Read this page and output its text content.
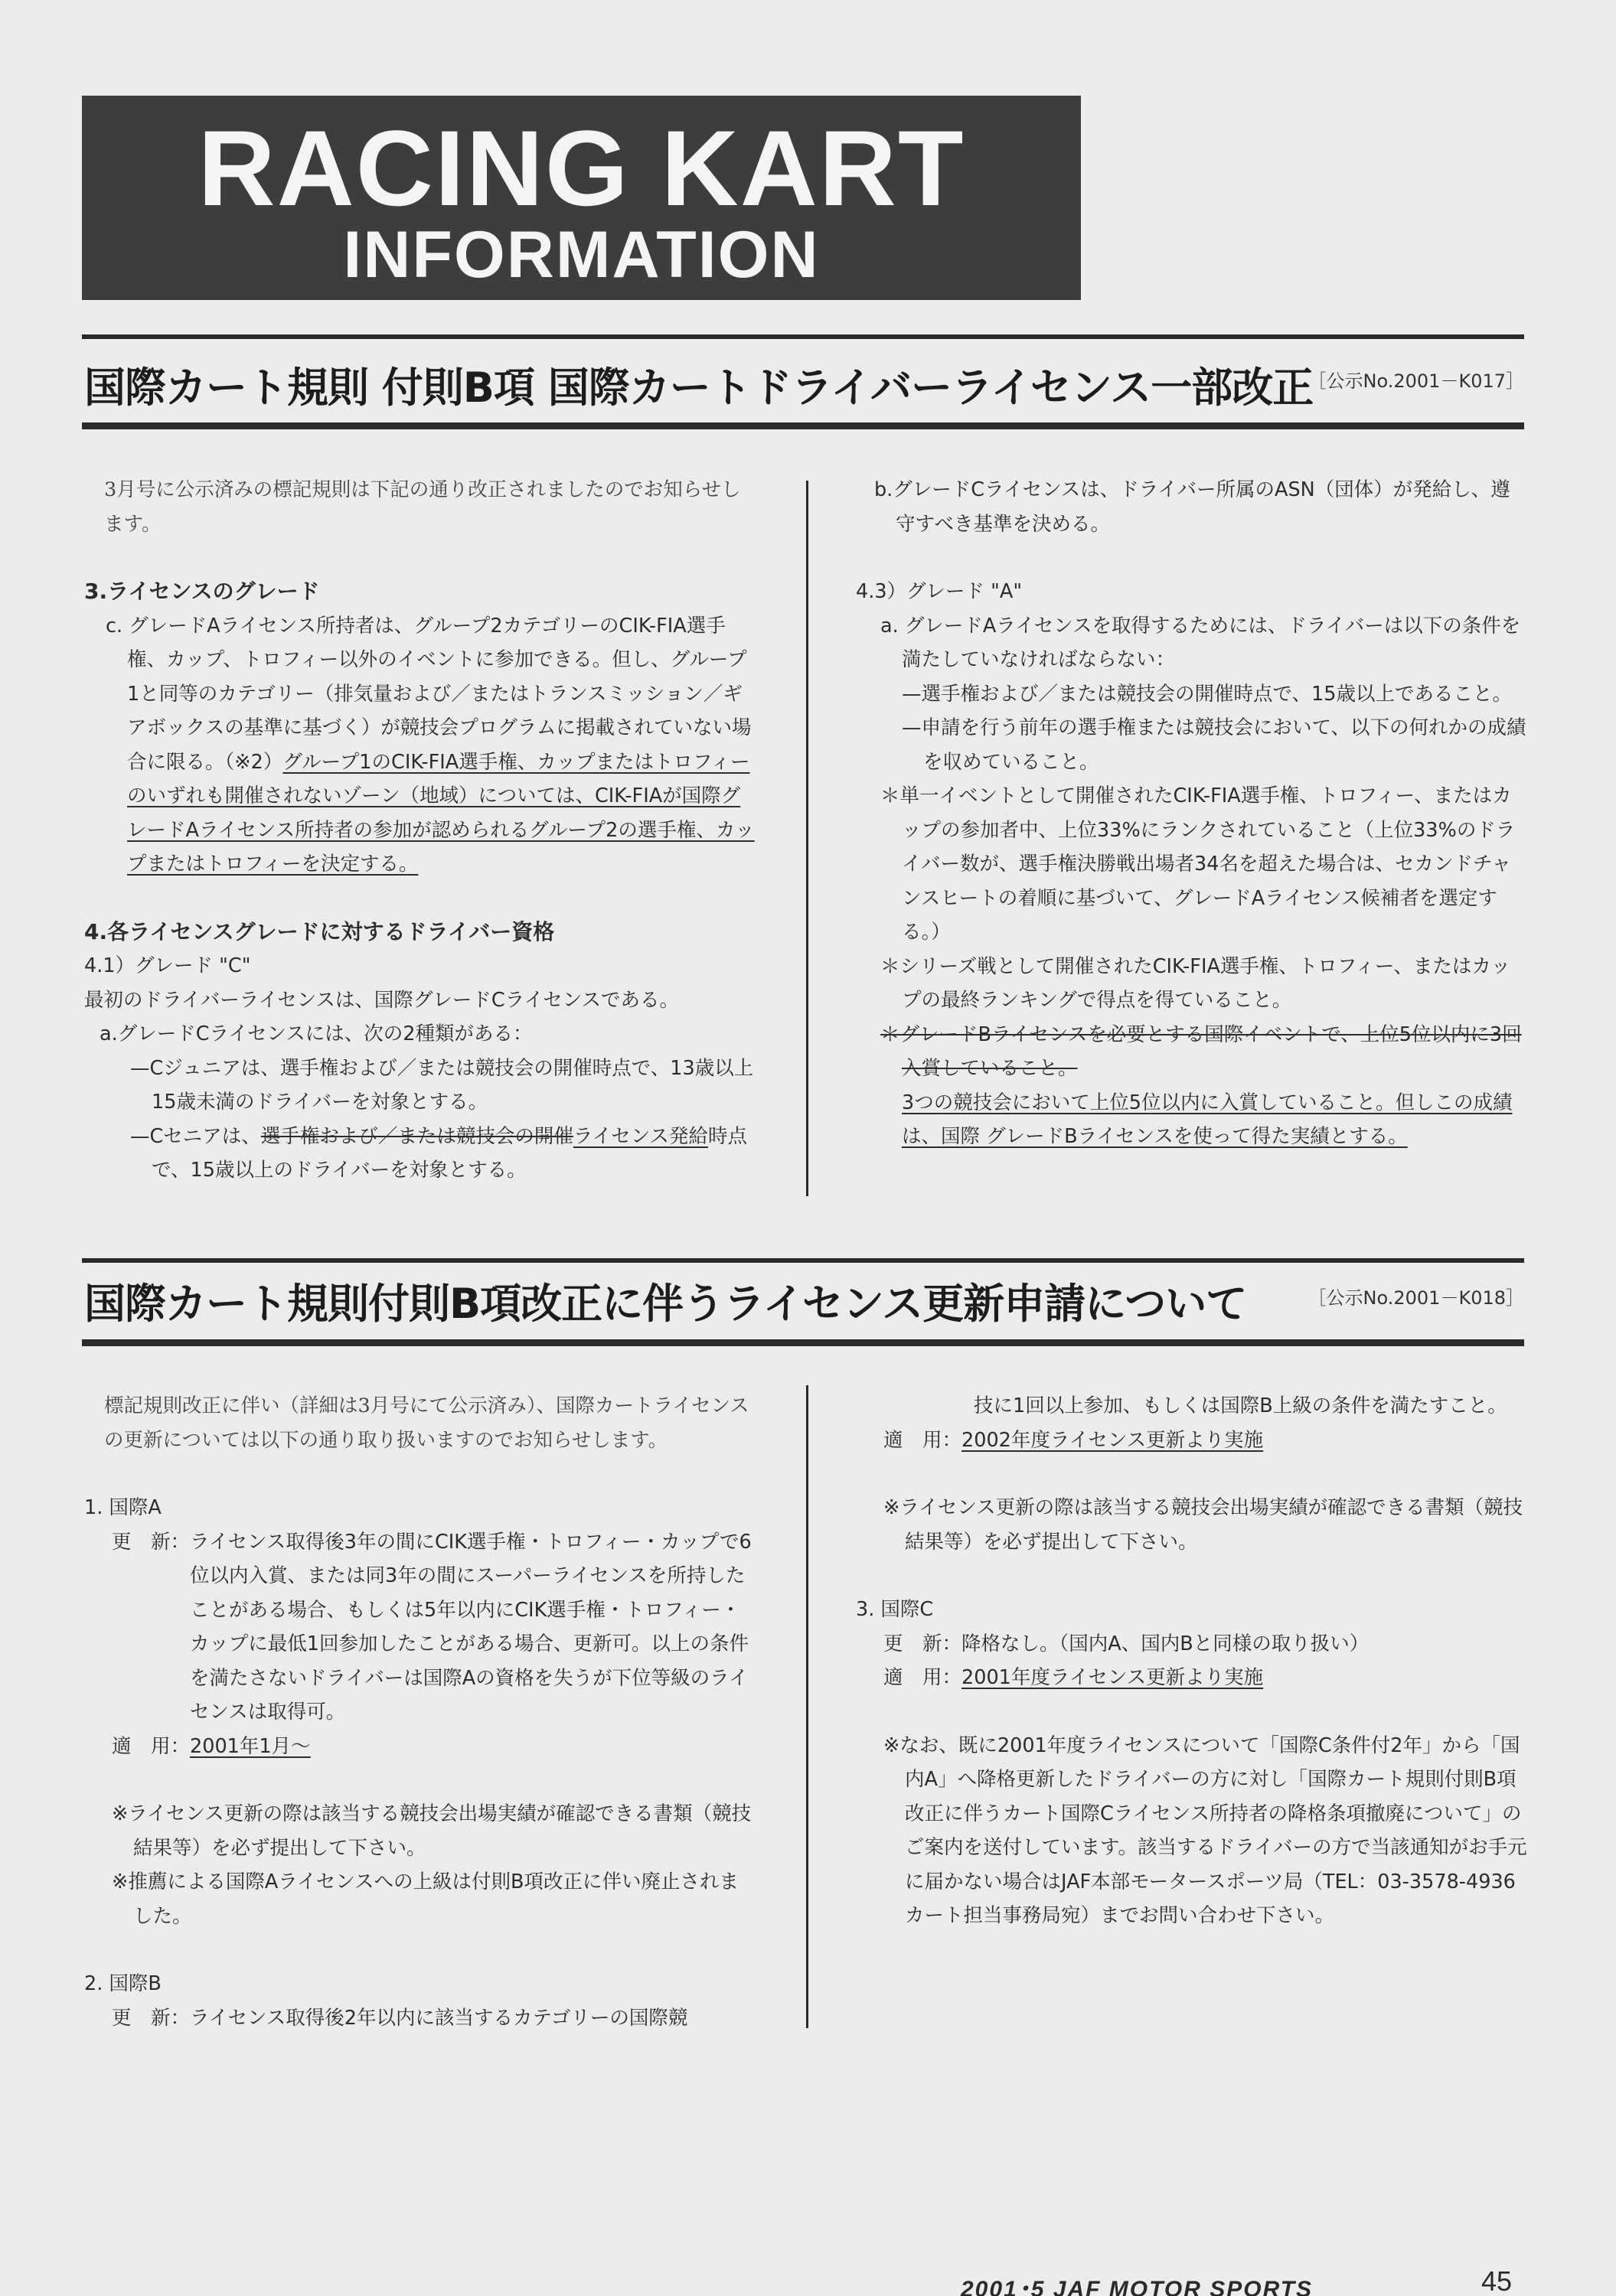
RACING KART
INFORMATION
国際カート規則 付則B項 国際カートドライバーライセンス一部改正
［公示No.2001－K017］

3月号に公示済みの標記規則は下記の通り改正されましたのでお知らせします。

3.ライセンスのグレード

c. グレードAライセンス所持者は、グループ2カテゴリーのCIK-FIA選手権、カップ、トロフィー以外のイベントに参加できる。但し、グループ1と同等のカテゴリー（排気量および／またはトランスミッション／ギアボックスの基準に基づく）が競技会プログラムに掲載されていない場合に限る。（※2）グループ1のCIK-FIA選手権、カップまたはトロフィーのいずれも開催されないゾーン（地域）については、CIK-FIAが国際グレードAライセンス所持者の参加が認められるグループ2の選手権、カップまたはトロフィーを決定する。

4.各ライセンスグレードに対するドライバー資格

4.1）グレード "C"

最初のドライバーライセンスは、国際グレードCライセンスである。

a.グレードCライセンスには、次の2種類がある：

—Cジュニアは、選手権および／または競技会の開催時点で、13歳以上15歳未満のドライバーを対象とする。

—Cセニアは、選手権および／または競技会の開催ライセンス発給時点で、15歳以上のドライバーを対象とする。

b.グレードCライセンスは、ドライバー所属のASN（団体）が発給し、遵守すべき基準を決める。

4.3）グレード "A"

a. グレードAライセンスを取得するためには、ドライバーは以下の条件を満たしていなければならない：

—選手権および／または競技会の開催時点で、15歳以上であること。

—申請を行う前年の選手権または競技会において、以下の何れかの成績を収めていること。

＊単一イベントとして開催されたCIK-FIA選手権、トロフィー、またはカップの参加者中、上位33%にランクされていること（上位33%のドライバー数が、選手権決勝戦出場者34名を超えた場合は、セカンドチャンスヒートの着順に基づいて、グレードAライセンス候補者を選定する。）

＊シリーズ戦として開催されたCIK-FIA選手権、トロフィー、またはカップの最終ランキングで得点を得ていること。

＊グレードBライセンスを必要とする国際イベントで、上位5位以内に3回入賞していること。

3つの競技会において上位5位以内に入賞していること。但しこの成績は、国際 グレードBライセンスを使って得た実績とする。

国際カート規則付則B項改正に伴うライセンス更新申請について	［公示No.2001－K018］

標記規則改正に伴い（詳細は3月号にて公示済み）、国際カートライセンスの更新については以下の通り取り扱いますのでお知らせします。

1. 国際A

更　新： ライセンス取得後3年の間にCIK選手権・トロフィー・カップで6位以内入賞、または同3年の間にスーパーライセンスを所持したことがある場合、もしくは5年以内にCIK選手権・トロフィー・カップに最低1回参加したことがある場合、更新可。以上の条件を満たさないドライバーは国際Aの資格を失うが下位等級のライセンスは取得可。
適　用： 2001年1月〜

※ライセンス更新の際は該当する競技会出場実績が確認できる書類（競技結果等）を必ず提出して下さい。

※推薦による国際Aライセンスへの上級は付則B項改正に伴い廃止されました。

2. 国際B

更　新： ライセンス取得後2年以内に該当するカテゴリーの国際競

技に1回以上参加、もしくは国際B上級の条件を満たすこと。

適　用： 2002年度ライセンス更新より実施

※ライセンス更新の際は該当する競技会出場実績が確認できる書類（競技結果等）を必ず提出して下さい。

3. 国際C

更　新： 降格なし。（国内A、国内Bと同様の取り扱い）
適　用： 2001年度ライセンス更新より実施

※なお、既に2001年度ライセンスについて「国際C条件付2年」から「国内A」へ降格更新したドライバーの方に対し「国際カート規則付則B項改正に伴うカート国際Cライセンス所持者の降格条項撤廃について」のご案内を送付しています。該当するドライバーの方で当該通知がお手元に届かない場合はJAF本部モータースポーツ局（TEL：03-3578-4936　カート担当事務局宛）までお問い合わせ下さい。

2001･5 JAF MOTOR SPORTS	45
